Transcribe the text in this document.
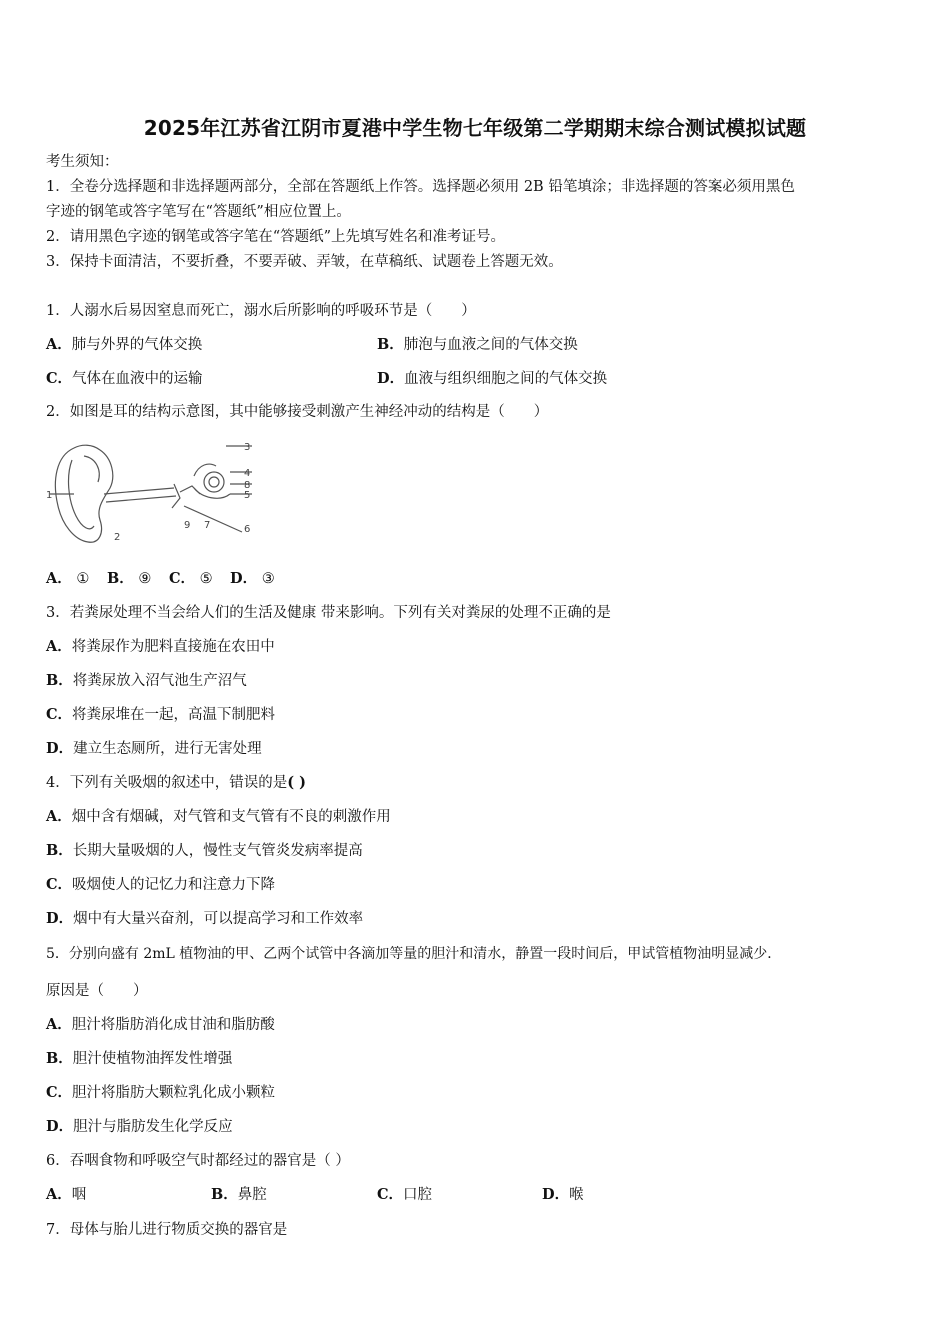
2025年江苏省江阴市夏港中学生物七年级第二学期期末综合测试模拟试题
考生须知：
1．全卷分选择题和非选择题两部分，全部在答题纸上作答。选择题必须用 2B 铅笔填涂；非选择题的答案必须用黑色
字迹的钢笔或答字笔写在“答题纸”相应位置上。
2．请用黑色字迹的钢笔或答字笔在“答题纸”上先填写姓名和准考证号。
3．保持卡面清洁，不要折叠，不要弄破、弄皱，在草稿纸、试题卷上答题无效。
1．人溺水后易因窒息而死亡，溺水后所影响的呼吸环节是（　　）
A．肺与外界的气体交换	B．肺泡与血液之间的气体交换
C．气体在血液中的运输	D．血液与组织细胞之间的气体交换
2．如图是耳的结构示意图，其中能够接受刺激产生神经冲动的结构是（　　）
3
4
8
5
6
7
1
2
9
A． ① B． ⑨ C． ⑤ D． ③
3．若粪尿处理不当会给人们的生活及健康 带来影响。下列有关对粪尿的处理不正确的是
A．将粪尿作为肥料直接施在农田中
B．将粪尿放入沼气池生产沼气
C．将粪尿堆在一起，高温下制肥料
D．建立生态厕所，进行无害处理
4．下列有关吸烟的叙述中，错误的是( )
A．烟中含有烟碱，对气管和支气管有不良的刺激作用
B．长期大量吸烟的人，慢性支气管炎发病率提高
C．吸烟使人的记忆力和注意力下降
D．烟中有大量兴奋剂，可以提高学习和工作效率
5．分别向盛有 2mL 植物油的甲、乙两个试管中各滴加等量的胆汁和清水，静置一段时间后，甲试管植物油明显减少．
原因是（　　）
A．胆汁将脂肪消化成甘油和脂肪酸
B．胆汁使植物油挥发性增强
C．胆汁将脂肪大颗粒乳化成小颗粒
D．胆汁与脂肪发生化学反应
6．吞咽食物和呼吸空气时都经过的器官是（ ）
A．咽	B．鼻腔	C．口腔	D．喉
7．母体与胎儿进行物质交换的器官是
